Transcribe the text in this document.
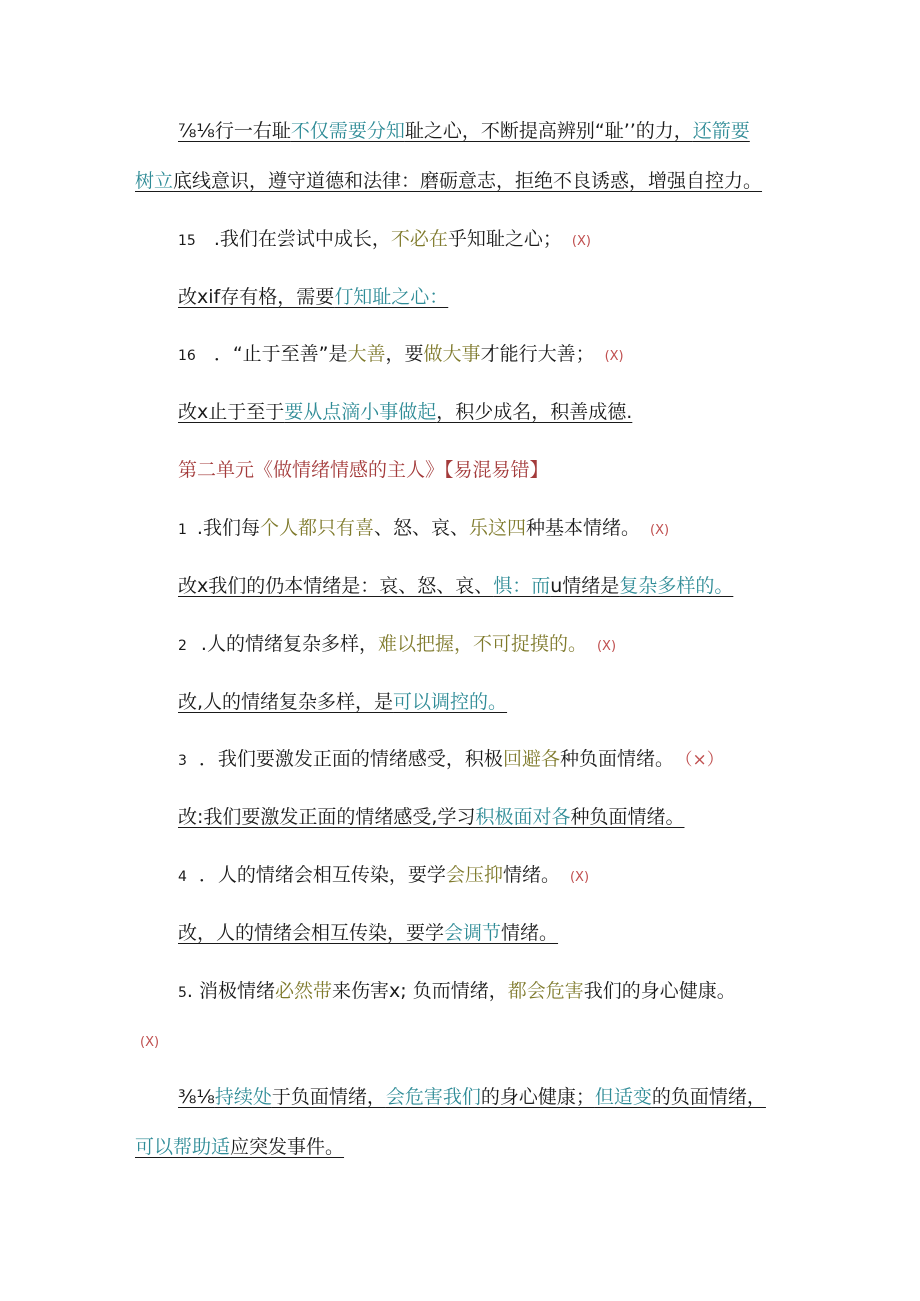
⅞⅛行一右耻不仅需要分知耻之心，不断提高辨别“耻’’的力，还箭要
树立底线意识，遵守道德和法律：磨砺意志，拒绝不良诱惑，增强自控力。
15 .我们在尝试中成长，不必在乎知耻之心； (X)
改xif存有格，需要仃知耻之心：
16 ．“止于至善”是大善，要做大事才能行大善； (X)
改x止于至于要从点滴小事做起，积少成名，积善成德.
第二单元《做情绪情感的主人》【易混易错】
1 .我们每个人都只有喜、怒、哀、乐这四种基本情绪。 (X)
改x我们的仍本情绪是：哀、怒、哀、惧：而u情绪是复杂多样的。
2 .人的情绪复杂多样，难以把握，不可捉摸的。 (X)
改,人的情绪复杂多样，是可以调控的。
3 ．我们要激发正面的情绪感受，积极回避各种负面情绪。 （×）
改:我们要激发正面的情绪感受,学习积极面对各种负面情绪。
4 ．人的情绪会相互传染，要学会压抑情绪。 (X)
改，人的情绪会相互传染，要学会调节情绪。
5. 消极情绪必然带来伤害x; 负而情绪，都会危害我们的身心健康。
(X)
⅜⅛持续处于负面情绪，会危害我们的身心健康；但适变的负面情绪，
可以帮助适应突发事件。
